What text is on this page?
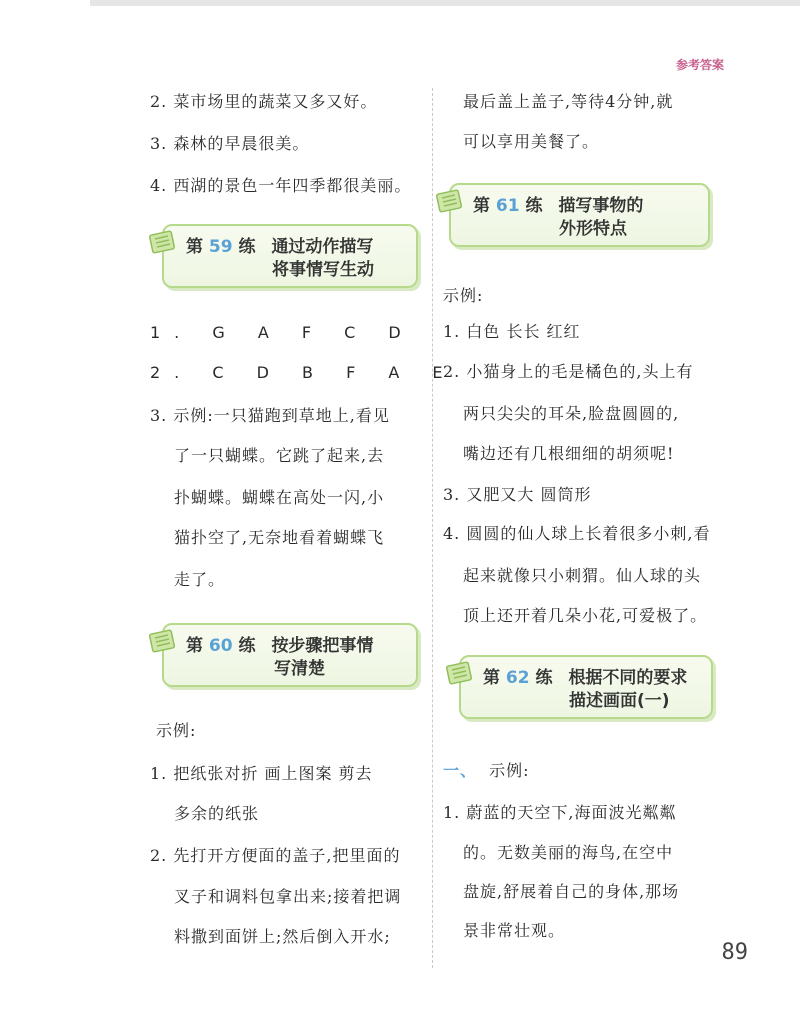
参考答案
2. 菜市场里的蔬菜又多又好。
3. 森林的早晨很美。
4. 西湖的景色一年四季都很美丽。
第 59 练 通过动作描写
将事情写生动
1. G A F C D
2. C D B F A E
3. 示例:一只猫跑到草地上,看见
了一只蝴蝶。它跳了起来,去
扑蝴蝶。蝴蝶在高处一闪,小
猫扑空了,无奈地看着蝴蝶飞
走了。
第 60 练 按步骤把事情
写清楚
示例:
1. 把纸张对折 画上图案 剪去
多余的纸张
2. 先打开方便面的盖子,把里面的
叉子和调料包拿出来;接着把调
料撒到面饼上;然后倒入开水;
最后盖上盖子,等待4分钟,就
可以享用美餐了。
第 61 练 描写事物的
外形特点
示例:
1. 白色 长长 红红
2. 小猫身上的毛是橘色的,头上有
两只尖尖的耳朵,脸盘圆圆的,
嘴边还有几根细细的胡须呢!
3. 又肥又大 圆筒形
4. 圆圆的仙人球上长着很多小刺,看
起来就像只小刺猬。仙人球的头
顶上还开着几朵小花,可爱极了。
第 62 练 根据不同的要求
描述画面(一)
一、 示例:
1. 蔚蓝的天空下,海面波光粼粼
的。无数美丽的海鸟,在空中
盘旋,舒展着自己的身体,那场
景非常壮观。
89
